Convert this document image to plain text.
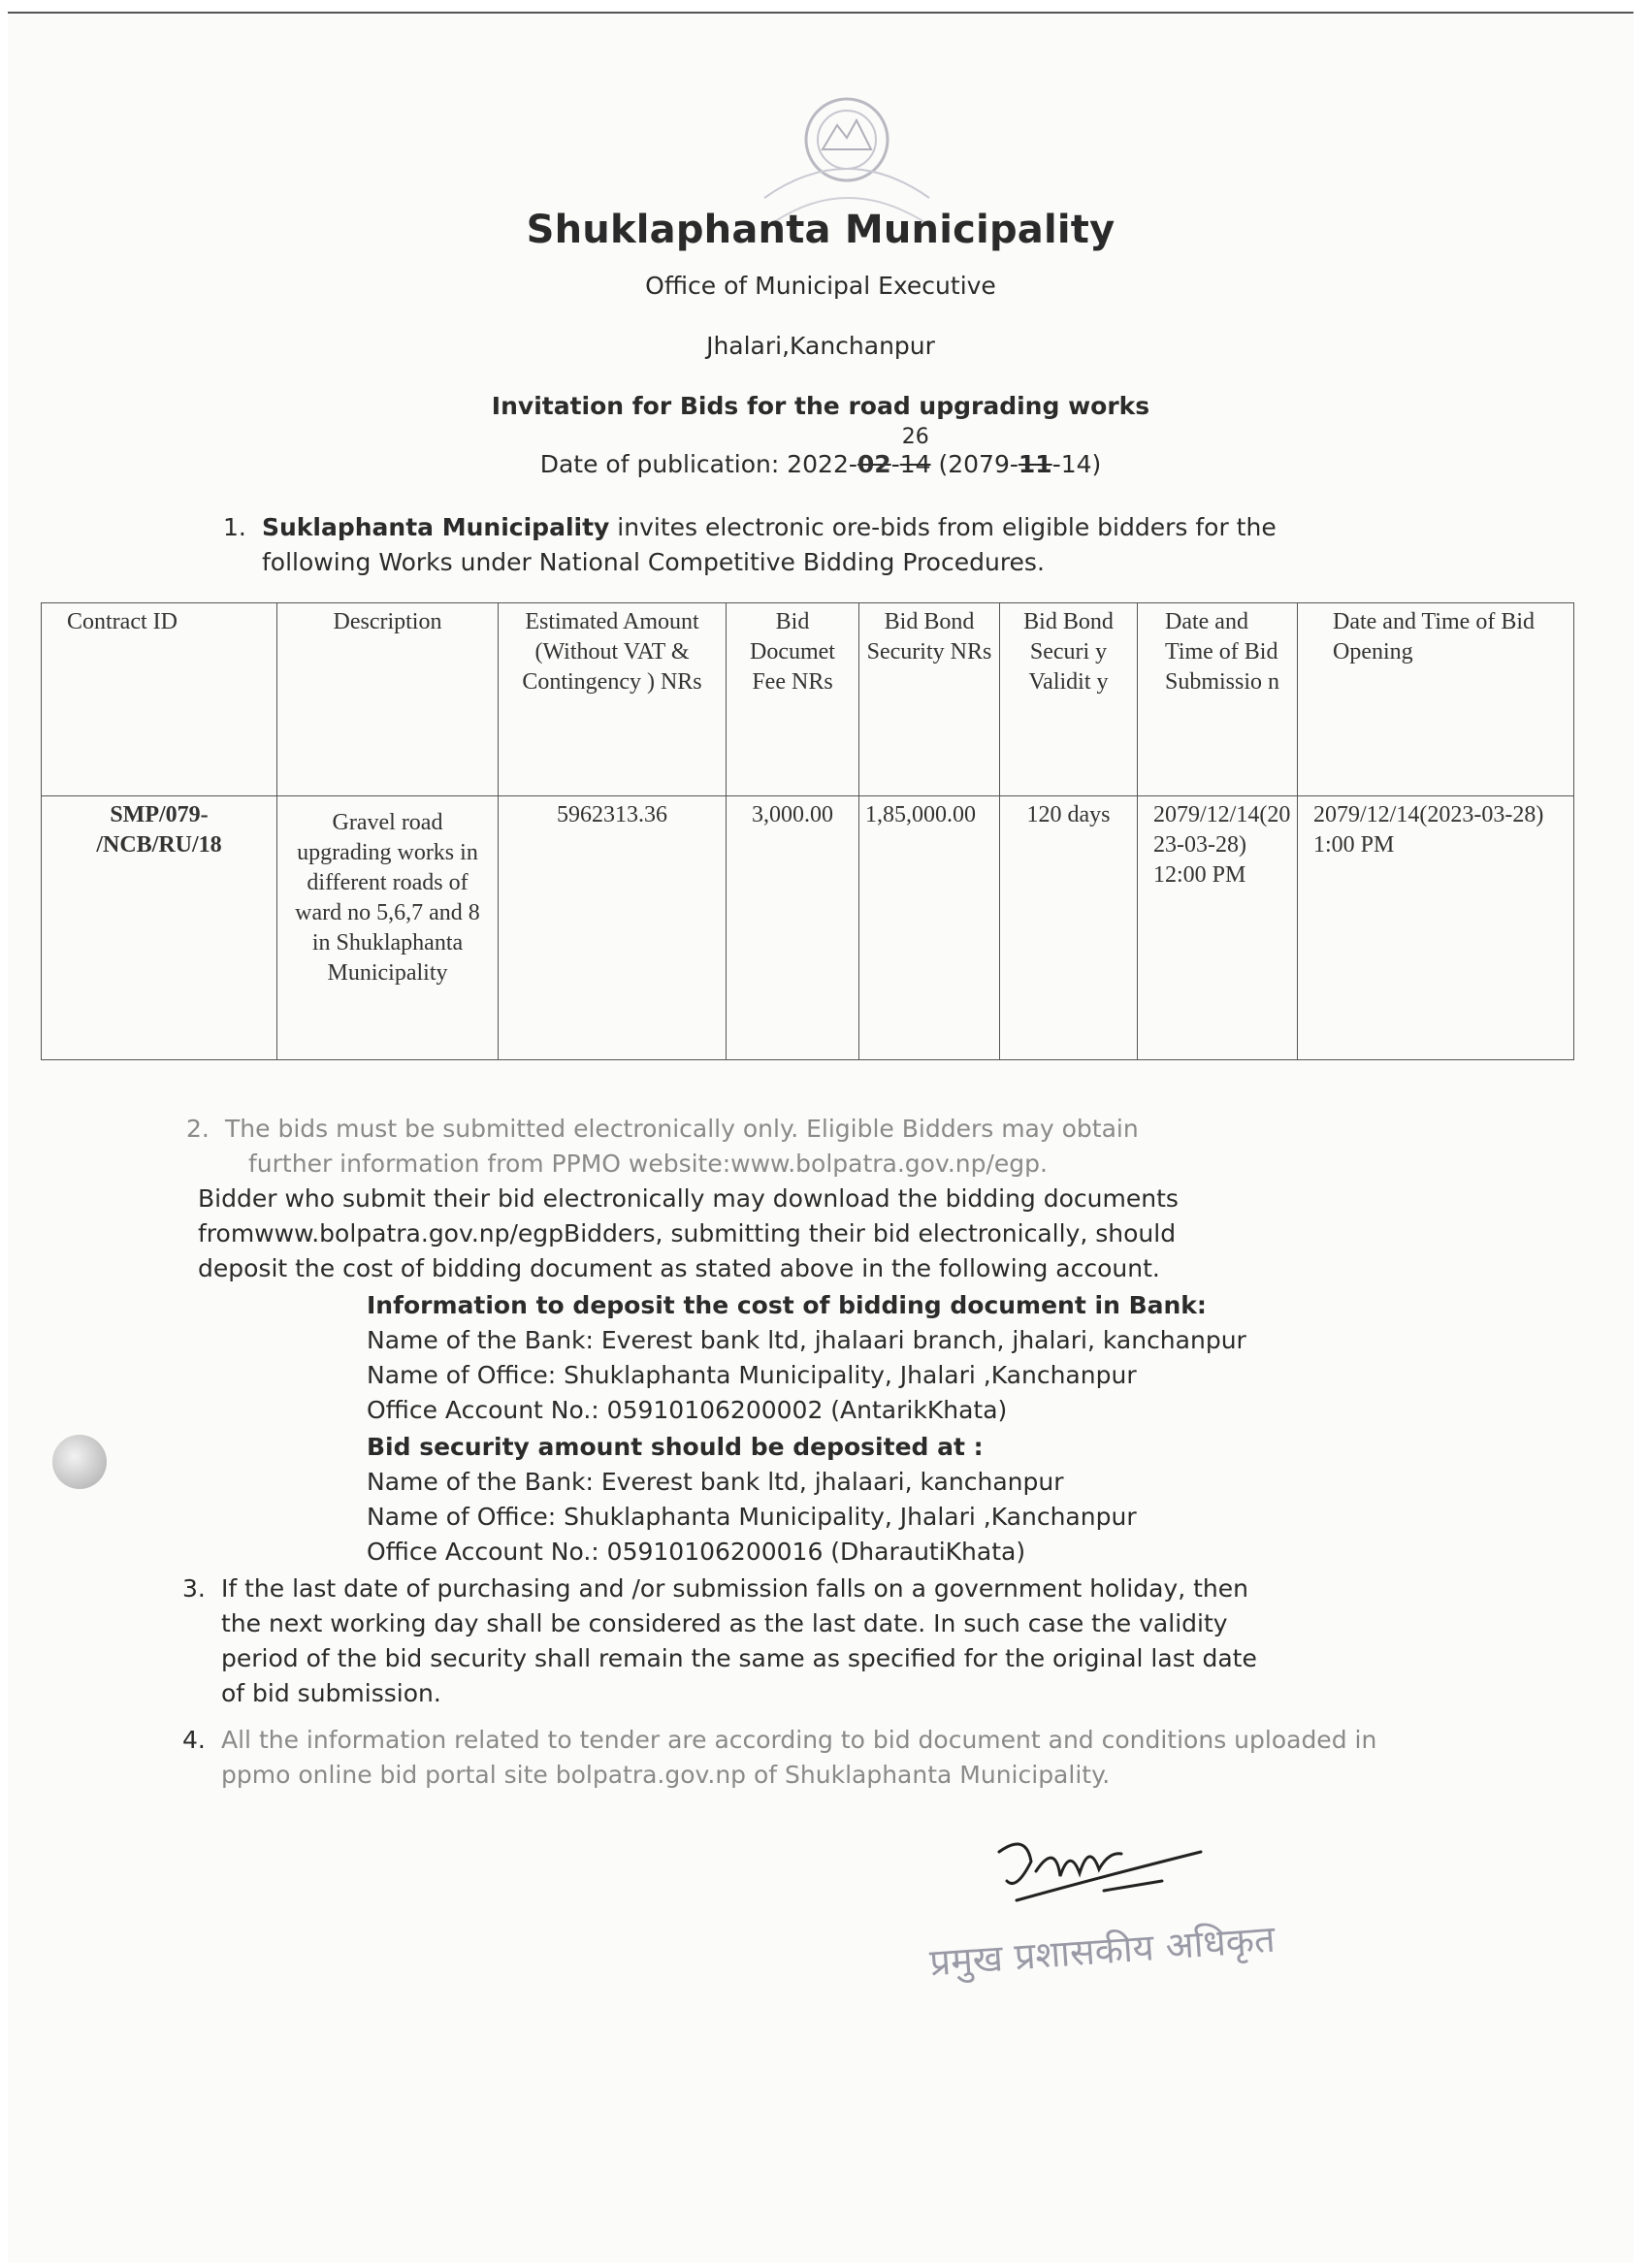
Shuklaphanta Municipality
Office of Municipal Executive
Jhalari,Kanchanpur
Invitation for Bids for the road upgrading works
Date of publication: 2022-02-14
26
(2079-11-14)
1. Suklaphanta Municipality invites electronic ore-bids from eligible bidders for the
following Works under National Competitive Bidding Procedures.
Contract ID	Description	Estimated Amount (Without VAT & Contingency ) NRs	Bid Documet Fee NRs	Bid Bond Security NRs	Bid Bond Securi y Validit y	Date and Time of Bid Submissio n	Date and Time of Bid Opening
SMP/079- /NCB/RU/18	Gravel road upgrading works in different roads of ward no 5,6,7 and 8 in Shuklaphanta Municipality	5962313.36	3,000.00	1,85,000.00	120 days	2079/12/14(2023-03-28) 12:00 PM	2079/12/14(2023-03-28) 1:00 PM
2. The bids must be submitted electronically only. Eligible Bidders may obtain
further information from PPMO website:www.bolpatra.gov.np/egp.
Bidder who submit their bid electronically may download the bidding documents
fromwww.bolpatra.gov.np/egpBidders, submitting their bid electronically, should
deposit the cost of bidding document as stated above in the following account.
Information to deposit the cost of bidding document in Bank:
Name of the Bank: Everest bank ltd, jhalaari branch, jhalari, kanchanpur
Name of Office: Shuklaphanta Municipality, Jhalari ,Kanchanpur
Office Account No.: 05910106200002 (AntarikKhata)
Bid security amount should be deposited at :
Name of the Bank: Everest bank ltd, jhalaari, kanchanpur
Name of Office: Shuklaphanta Municipality, Jhalari ,Kanchanpur
Office Account No.: 05910106200016 (DharautiKhata)
3. If the last date of purchasing and /or submission falls on a government holiday, then
the next working day shall be considered as the last date. In such case the validity
period of the bid security shall remain the same as specified for the original last date
of bid submission.
4. All the information related to tender are according to bid document and conditions uploaded in
ppmo online bid portal site bolpatra.gov.np of Shuklaphanta Municipality.
प्रमुख प्रशासकीय अधिकृत
